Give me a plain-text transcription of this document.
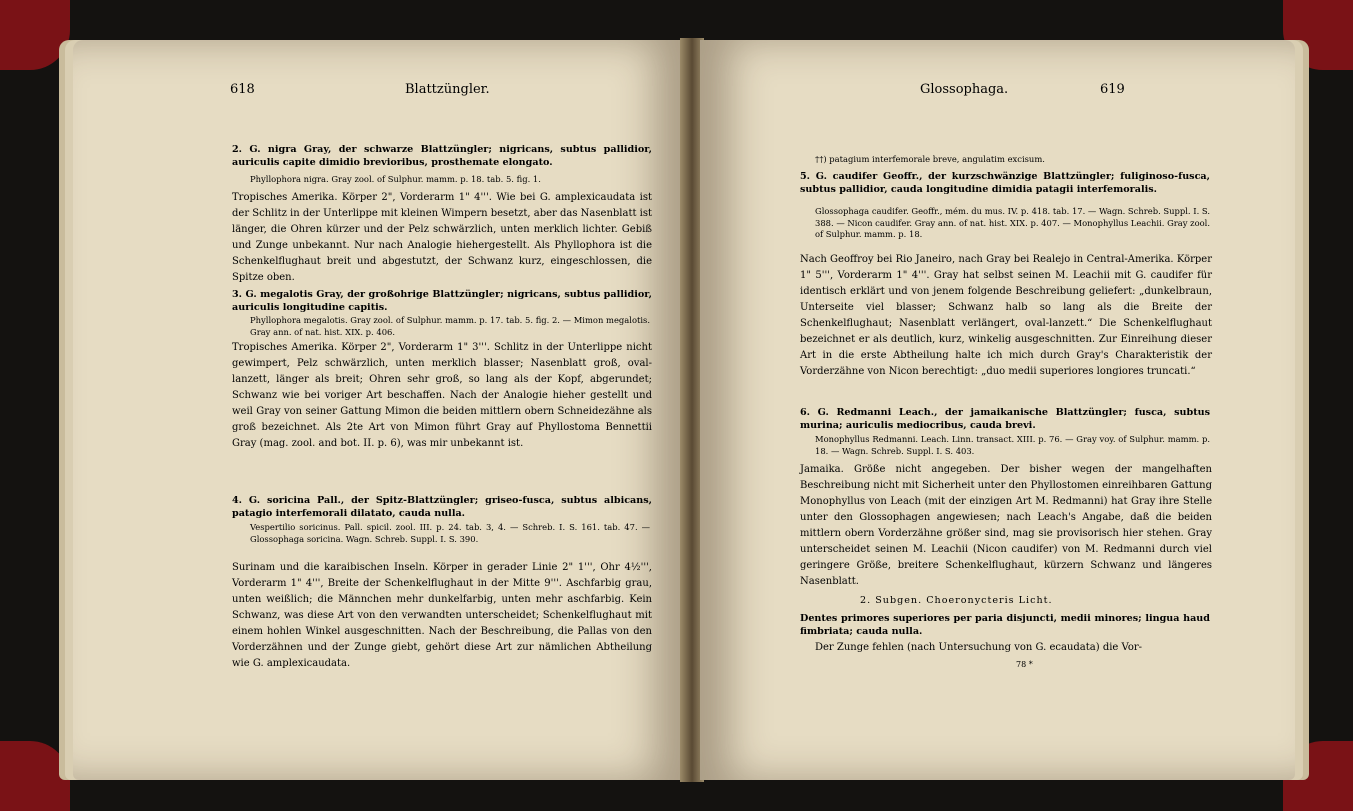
618	Blattzüngler.
2. G. nigra Gray, der schwarze Blattzüngler; nigricans, subtus pallidior, auriculis capite dimidio brevioribus, prosthemate elongato.
Phyllophora nigra. Gray zool. of Sulphur. mamm. p. 18. tab. 5. fig. 1.
Tropisches Amerika. Körper 2", Vorderarm 1" 4'''. Wie bei G. amplexicaudata ist der Schlitz in der Unterlippe mit kleinen Wimpern besetzt, aber das Nasenblatt ist länger, die Ohren kürzer und der Pelz schwärzlich, unten merklich lichter. Gebiß und Zunge unbekannt. Nur nach Analogie hiehergestellt. Als Phyllophora ist die Schenkelflughaut breit und abgestutzt, der Schwanz kurz, eingeschlossen, die Spitze oben.
3. G. megalotis Gray, der großohrige Blattzüngler; nigricans, subtus pallidior, auriculis longitudine capitis.
Phyllophora megalotis. Gray zool. of Sulphur. mamm. p. 17. tab. 5. fig. 2. — Mimon megalotis. Gray ann. of nat. hist. XIX. p. 406.
Tropisches Amerika. Körper 2", Vorderarm 1" 3'''. Schlitz in der Unterlippe nicht gewimpert, Pelz schwärzlich, unten merklich blasser; Nasenblatt groß, oval-lanzett, länger als breit; Ohren sehr groß, so lang als der Kopf, abgerundet; Schwanz wie bei voriger Art beschaffen. Nach der Analogie hieher gestellt und weil Gray von seiner Gattung Mimon die beiden mittlern obern Schneidezähne als groß bezeichnet. Als 2te Art von Mimon führt Gray auf Phyllostoma Bennettii Gray (mag. zool. and bot. II. p. 6), was mir unbekannt ist.
4. G. soricina Pall., der Spitz-Blattzüngler; griseo-fusca, subtus albicans, patagio interfemorali dilatato, cauda nulla.
Vespertilio soricinus. Pall. spicil. zool. III. p. 24. tab. 3, 4. — Schreb. I. S. 161. tab. 47. — Glossophaga soricina. Wagn. Schreb. Suppl. I. S. 390.
Surinam und die karaibischen Inseln. Körper in gerader Linie 2" 1''', Ohr 4½''', Vorderarm 1" 4''', Breite der Schenkelflughaut in der Mitte 9'''. Aschfarbig grau, unten weißlich; die Männchen mehr dunkelfarbig, unten mehr aschfarbig. Kein Schwanz, was diese Art von den verwandten unterscheidet; Schenkelflughaut mit einem hohlen Winkel ausgeschnitten. Nach der Beschreibung, die Pallas von den Vorderzähnen und der Zunge giebt, gehört diese Art zur nämlichen Abtheilung wie G. amplexicaudata.
Glossophaga.	619
††) patagium interfemorale breve, angulatim excisum.
5. G. caudifer Geoffr., der kurzschwänzige Blattzüngler; fuliginoso-fusca, subtus pallidior, cauda longitudine dimidia patagii interfemoralis.
Glossophaga caudifer. Geoffr., mém. du mus. IV. p. 418. tab. 17. — Wagn. Schreb. Suppl. I. S. 388. — Nicon caudifer. Gray ann. of nat. hist. XIX. p. 407. — Monophyllus Leachii. Gray zool. of Sulphur. mamm. p. 18.
Nach Geoffroy bei Rio Janeiro, nach Gray bei Realejo in Central-Amerika. Körper 1" 5''', Vorderarm 1" 4'''. Gray hat selbst seinen M. Leachii mit G. caudifer für identisch erklärt und von jenem folgende Beschreibung geliefert: „dunkelbraun, Unterseite viel blasser; Schwanz halb so lang als die Breite der Schenkelflughaut; Nasenblatt verlängert, oval-lanzett.“ Die Schenkelflughaut bezeichnet er als deutlich, kurz, winkelig ausgeschnitten. Zur Einreihung dieser Art in die erste Abtheilung halte ich mich durch Gray's Charakteristik der Vorderzähne von Nicon berechtigt: „duo medii superiores longiores truncati.“
6. G. Redmanni Leach., der jamaikanische Blattzüngler; fusca, subtus murina; auriculis mediocribus, cauda brevi.
Monophyllus Redmanni. Leach. Linn. transact. XIII. p. 76. — Gray voy. of Sulphur. mamm. p. 18. — Wagn. Schreb. Suppl. I. S. 403.
Jamaika. Größe nicht angegeben. Der bisher wegen der mangelhaften Beschreibung nicht mit Sicherheit unter den Phyllostomen einreihbaren Gattung Monophyllus von Leach (mit der einzigen Art M. Redmanni) hat Gray ihre Stelle unter den Glossophagen angewiesen; nach Leach's Angabe, daß die beiden mittlern obern Vorderzähne größer sind, mag sie provisorisch hier stehen. Gray unterscheidet seinen M. Leachii (Nicon caudifer) von M. Redmanni durch viel geringere Größe, breitere Schenkelflughaut, kürzern Schwanz und längeres Nasenblatt.
2. Subgen. Choeronycteris Licht.
Dentes primores superiores per paria disjuncti, medii minores; lingua haud fimbriata; cauda nulla.
Der Zunge fehlen (nach Untersuchung von G. ecaudata) die Vor-
78 *
